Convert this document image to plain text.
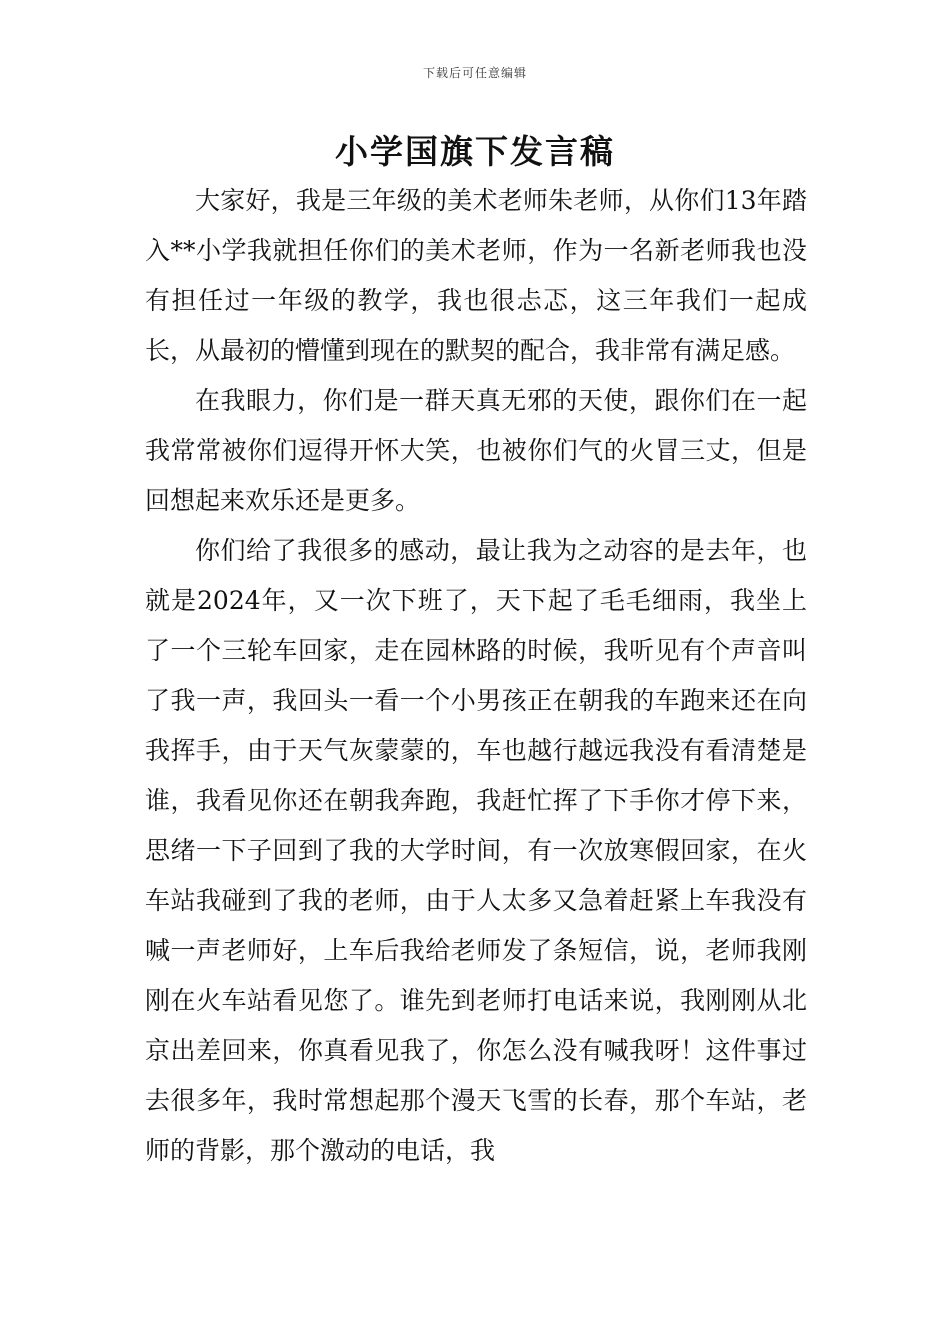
下载后可任意编辑
小学国旗下发言稿

大家好，我是三年级的美术老师朱老师，从你们13年踏入**小学我就担任你们的美术老师，作为一名新老师我也没有担任过一年级的教学，我也很忐忑，这三年我们一起成长，从最初的懵懂到现在的默契的配合，我非常有满足感。

在我眼力，你们是一群天真无邪的天使，跟你们在一起我常常被你们逗得开怀大笑，也被你们气的火冒三丈，但是回想起来欢乐还是更多。

你们给了我很多的感动，最让我为之动容的是去年，也就是2024年，又一次下班了，天下起了毛毛细雨，我坐上了一个三轮车回家，走在园林路的时候，我听见有个声音叫了我一声，我回头一看一个小男孩正在朝我的车跑来还在向我挥手，由于天气灰蒙蒙的，车也越行越远我没有看清楚是谁，我看见你还在朝我奔跑，我赶忙挥了下手你才停下来，思绪一下子回到了我的大学时间，有一次放寒假回家，在火车站我碰到了我的老师，由于人太多又急着赶紧上车我没有喊一声老师好，上车后我给老师发了条短信，说，老师我刚刚在火车站看见您了。谁先到老师打电话来说，我刚刚从北京出差回来，你真看见我了，你怎么没有喊我呀！这件事过去很多年，我时常想起那个漫天飞雪的长春，那个车站，老师的背影，那个激动的电话，我
